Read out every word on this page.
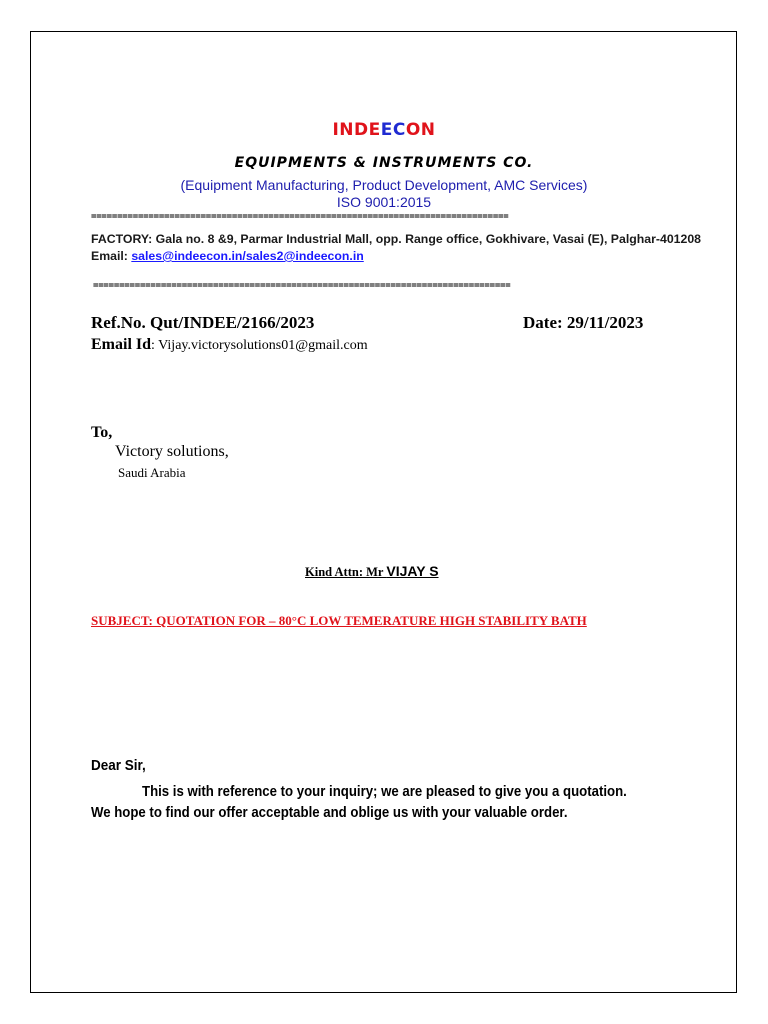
INDEECON
EQUIPMENTS & INSTRUMENTS CO.
(Equipment Manufacturing, Product Development, AMC Services)
ISO 9001:2015
================================================================================
FACTORY: Gala no. 8 &9, Parmar Industrial Mall, opp. Range office, Gokhivare, Vasai (E), Palghar-401208 Email: sales@indeecon.in/sales2@indeecon.in
================================================================================
Ref.No. Qut/INDEE/2166/2023	Date: 29/11/2023
Email Id: Vijay.victorysolutions01@gmail.com
To,
Victory solutions,
Saudi Arabia
Kind Attn: Mr VIJAY S
SUBJECT: QUOTATION FOR – 80°C LOW TEMERATURE HIGH STABILITY BATH
Dear Sir,
This is with reference to your inquiry; we are pleased to give you a quotation.
We hope to find our offer acceptable and oblige us with your valuable order.
